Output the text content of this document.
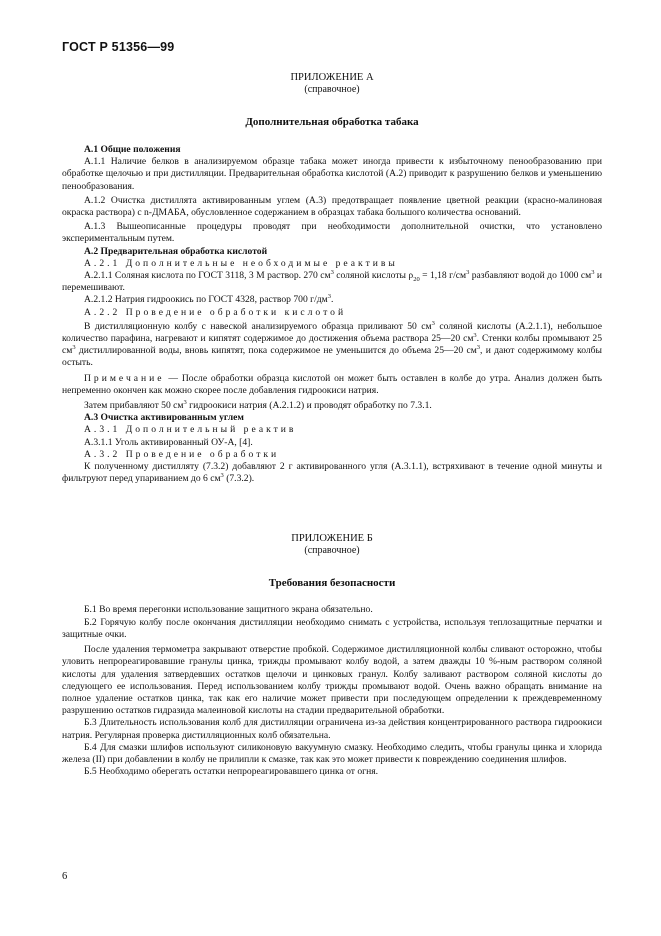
ГОСТ Р 51356—99

ПРИЛОЖЕНИЕ А

(справочное)

Дополнительная обработка табака

А.1 Общие положения

А.1.1 Наличие белков в анализируемом образце табака может иногда привести к избыточному пенообразованию при обработке щелочью и при дистилляции. Предварительная обработка кислотой (А.2) приводит к разрушению белков и уменьшению пенообразования.

А.1.2 Очистка дистиллята активированным углем (А.3) предотвращает появление цветной реакции (красно-малиновая окраска раствора) с n-ДМАБА, обусловленное содержанием в образцах табака большого количества оснований.

А.1.3 Вышеописанные процедуры проводят при необходимости дополнительной очистки, что установлено экспериментальным путем.

А.2 Предварительная обработка кислотой

А.2.1 Дополнительные необходимые реактивы

А.2.1.1 Соляная кислота по ГОСТ 3118, 3 М раствор. 270 $см^3$ соляной кислоты $\rho_{20} = 1,18$ $г/см^3$ разбавляют водой до 1000 $см^3$ и перемешивают.

А.2.1.2 Натрия гидроокись по ГОСТ 4328, раствор 700 $г/дм^3$.

А.2.2 Проведение обработки кислотой

В дистилляционную колбу с навеской анализируемого образца приливают 50 $см^3$ соляной кислоты (А.2.1.1), небольшое количество парафина, нагревают и кипятят содержимое до достижения объема раствора 25—20 $см^3$. Стенки колбы промывают 25 $см^3$ дистиллированной воды, вновь кипятят, пока содержимое не уменьшится до объема 25—20 $см^3$, и дают содержимому колбы остыть.

Примечание — После обработки образца кислотой он может быть оставлен в колбе до утра. Анализ должен быть непременно окончен как можно скорее после добавления гидроокиси натрия.

Затем прибавляют 50 $см^3$ гидроокиси натрия (А.2.1.2) и проводят обработку по 7.3.1.

А.3 Очистка активированным углем

А.3.1 Дополнительный реактив

А.3.1.1 Уголь активированный ОУ-А, [4].

А.3.2 Проведение обработки

К полученному дистилляту (7.3.2) добавляют 2 г активированного угля (А.3.1.1), встряхивают в течение одной минуты и фильтруют перед упариванием до 6 $см^3$ (7.3.2).

ПРИЛОЖЕНИЕ Б

(справочное)

Требования безопасности

Б.1 Во время перегонки использование защитного экрана обязательно.

Б.2 Горячую колбу после окончания дистилляции необходимо снимать с устройства, используя теплозащитные перчатки и защитные очки.

После удаления термометра закрывают отверстие пробкой. Содержимое дистилляционной колбы сливают осторожно, чтобы уловить непрореагировавшие гранулы цинка, трижды промывают колбу водой, а затем дважды 10 %-ным раствором соляной кислоты для удаления затвердевших остатков щелочи и цинковых гранул. Колбу заливают раствором соляной кислоты до следующего ее использования. Перед использованием колбу трижды промывают водой. Очень важно обращать внимание на полное удаление остатков цинка, так как его наличие может привести при последующем определении к преждевременному разрушению остатков гидразида малеиновой кислоты на стадии предварительной обработки.

Б.3 Длительность использования колб для дистилляции ограничена из-за действия концентрированного раствора гидроокиси натрия. Регулярная проверка дистилляционных колб обязательна.

Б.4 Для смазки шлифов используют силиконовую вакуумную смазку. Необходимо следить, чтобы гранулы цинка и хлорида железа (II) при добавлении в колбу не прилипли к смазке, так как это может привести к повреждению соединения шлифов.

Б.5 Необходимо оберегать остатки непрореагировавшего цинка от огня.

6
